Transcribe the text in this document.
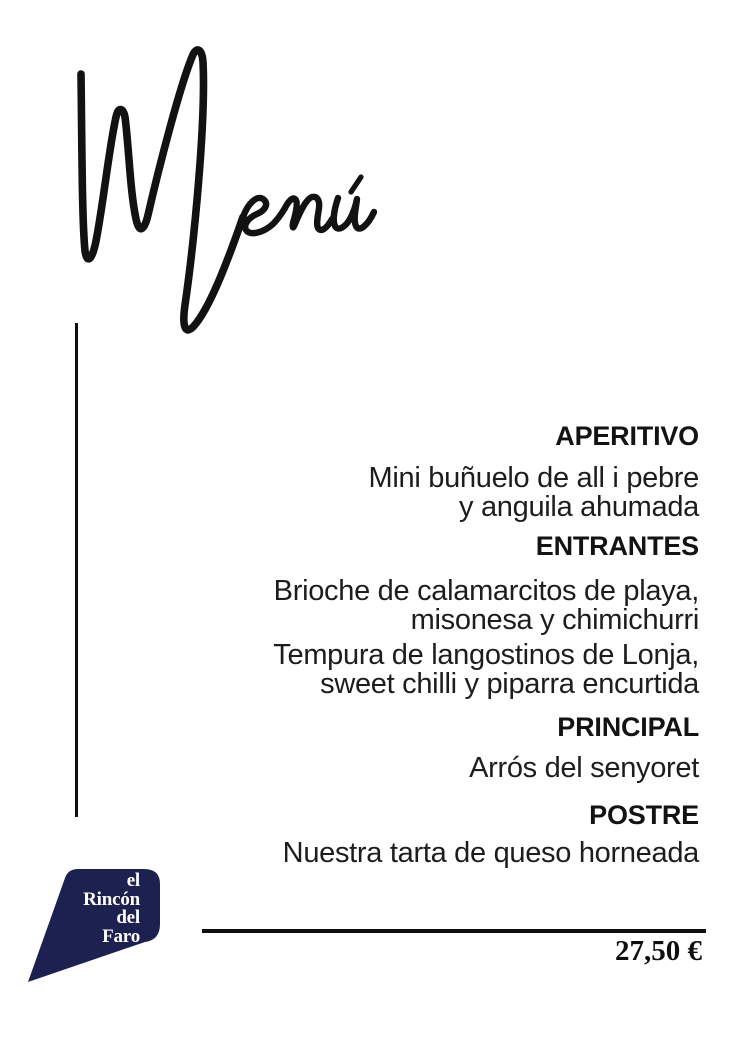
APERITIVO
Mini buñuelo de all i pebre
y anguila ahumada
ENTRANTES
Brioche de calamarcitos de playa,
misonesa y chimichurri
Tempura de langostinos de Lonja,
sweet chilli y piparra encurtida
PRINCIPAL
Arrós del senyoret
POSTRE
Nuestra tarta de queso horneada
27,50 €
el
Rincón
del
Faro
